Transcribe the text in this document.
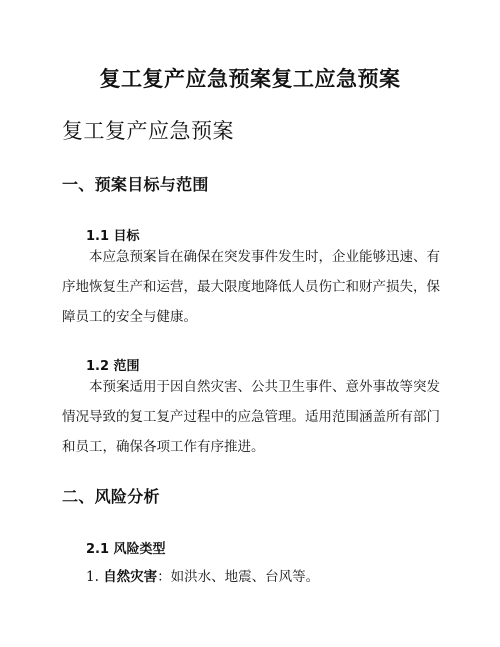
复工复产应急预案复工应急预案
复工复产应急预案
一、预案目标与范围
1.1 目标
本应急预案旨在确保在突发事件发生时，企业能够迅速、有序地恢复生产和运营，最大限度地降低人员伤亡和财产损失，保障员工的安全与健康。
1.2 范围
本预案适用于因自然灾害、公共卫生事件、意外事故等突发情况导致的复工复产过程中的应急管理。适用范围涵盖所有部门和员工，确保各项工作有序推进。
二、风险分析
2.1 风险类型
1. 自然灾害：如洪水、地震、台风等。
